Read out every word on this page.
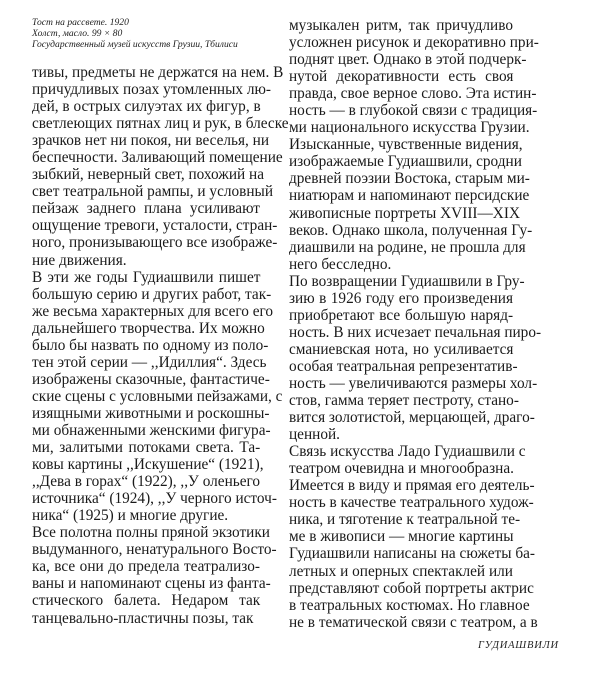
Тост на рассвете. 1920
Холст, масло. 99 × 80
Государственный музей искусств Грузии, Тбилиси
тивы, предметы не держатся на нем. В
причудливых позах утомленных лю-
дей, в острых силуэтах их фигур, в
светлеющих пятнах лиц и рук, в блеске
зрачков нет ни покоя, ни веселья, ни
беспечности. Заливающий помещение
зыбкий, неверный свет, похожий на
свет театральной рампы, и условный
пейзаж заднего плана усиливают
ощущение тревоги, усталости, стран-
ного, пронизывающего все изображе-
ние движения.
В эти же годы Гудиашвили пишет
большую серию и других работ, так-
же весьма характерных для всего его
дальнейшего творчества. Их можно
было бы назвать по одному из поло-
тен этой серии — ,,Идиллия“. Здесь
изображены сказочные, фантастиче-
ские сцены с условными пейзажами, с
изящными животными и роскошны-
ми обнаженными женскими фигура-
ми, залитыми потоками света. Та-
ковы картины ,,Искушение“ (1921),
,,Дева в горах“ (1922), ,,У оленьего
источника“ (1924), ,,У черного источ-
ника“ (1925) и многие другие.
Все полотна полны пряной экзотики
выдуманного, ненатурального Восто-
ка, все они до предела театрализо-
ваны и напоминают сцены из фанта-
стического балета. Недаром так
танцевально-пластичны позы, так
музыкален ритм, так причудливо
усложнен рисунок и декоративно при-
поднят цвет. Однако в этой подчерк-
нутой декоративности есть своя
правда, свое верное слово. Эта истин-
ность — в глубокой связи с традиция-
ми национального искусства Грузии.
Изысканные, чувственные видения,
изображаемые Гудиашвили, сродни
древней поэзии Востока, старым ми-
ниатюрам и напоминают персидские
живописные портреты XVIII—XIX
веков. Однако школа, полученная Гу-
диашвили на родине, не прошла для
него бесследно.
По возвращении Гудиашвили в Гру-
зию в 1926 году его произведения
приобретают все большую наряд-
ность. В них исчезает печальная пиро-
сманиевская нота, но усиливается
особая театральная репрезентатив-
ность — увеличиваются размеры хол-
стов, гамма теряет пестроту, стано-
вится золотистой, мерцающей, драго-
ценной.
Связь искусства Ладо Гудиашвили с
театром очевидна и многообразна.
Имеется в виду и прямая его деятель-
ность в качестве театрального худож-
ника, и тяготение к театральной те-
ме в живописи — многие картины
Гудиашвили написаны на сюжеты ба-
летных и оперных спектаклей или
представляют собой портреты актрис
в театральных костюмах. Но главное
не в тематической связи с театром, а в
ГУДИАШВИЛИ
